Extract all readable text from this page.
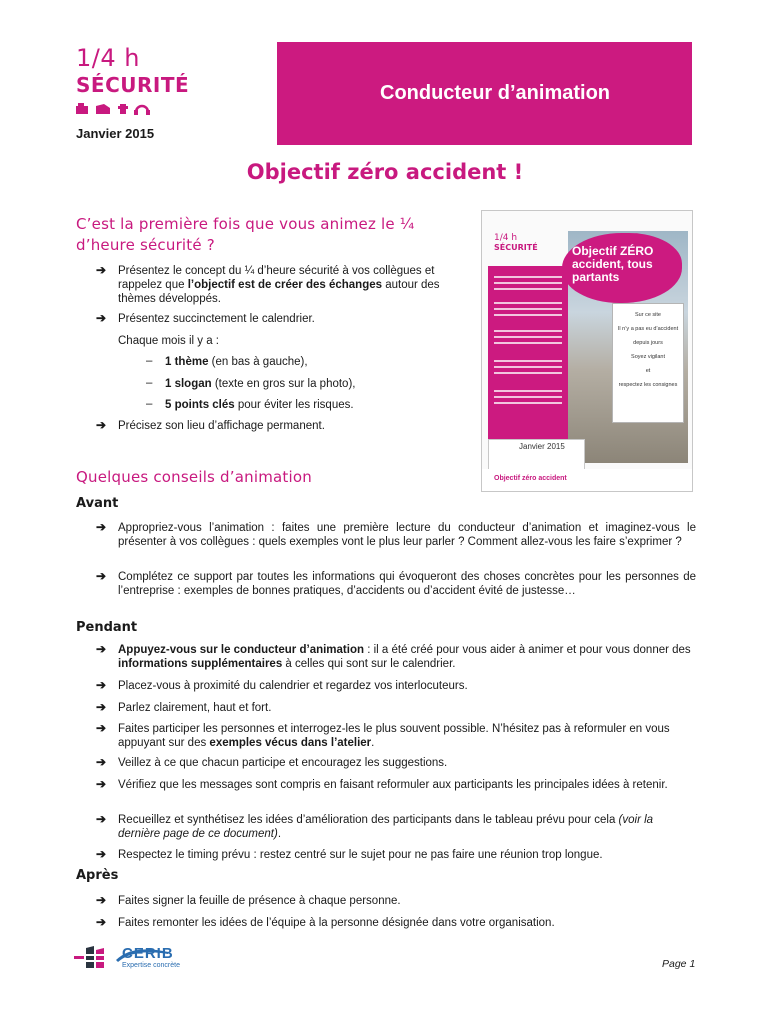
1/4 h
SÉCURITÉ
Janvier 2015
Conducteur d’animation
Objectif zéro accident !
C’est la première fois que vous animez le ¼ d’heure sécurité ?
➔ Présentez le concept du ¼ d’heure sécurité à vos collègues et rappelez que l’objectif est de créer des échanges autour des thèmes développés.
➔ Présentez succinctement le calendrier.
Chaque mois il y a :
– 1 thème (en bas à gauche),
– 1 slogan (texte en gros sur la photo),
– 5 points clés pour éviter les risques.
➔ Précisez son lieu d’affichage permanent.
1/4 h
SÉCURITÉ	Objectif ZÉRO accident, tous partants
Sur ce site
Il n’y a pas eu d’accident
depuis jours
Soyez vigilant
et
respectez les consignes
Janvier 2015
Objectif zéro accident
Quelques conseils d’animation
Avant
➔ Appropriez-vous l’animation : faites une première lecture du conducteur d’animation et imaginez-vous le présenter à vos collègues : quels exemples vont le plus leur parler ? Comment allez-vous les faire s’exprimer ?
➔ Complétez ce support par toutes les informations qui évoqueront des choses concrètes pour les personnes de l’entreprise : exemples de bonnes pratiques, d’accidents ou d’accident évité de justesse…
Pendant
➔ Appuyez-vous sur le conducteur d’animation : il a été créé pour vous aider à animer et pour vous donner des informations supplémentaires à celles qui sont sur le calendrier.
➔ Placez-vous à proximité du calendrier et regardez vos interlocuteurs.
➔ Parlez clairement, haut et fort.
➔ Faites participer les personnes et interrogez-les le plus souvent possible. N’hésitez pas à reformuler en vous appuyant sur des exemples vécus dans l’atelier.
➔ Veillez à ce que chacun participe et encouragez les suggestions.
➔ Vérifiez que les messages sont compris en faisant reformuler aux participants les principales idées à retenir.
➔ Recueillez et synthétisez les idées d’amélioration des participants dans le tableau prévu pour cela (voir la dernière page de ce document).
➔ Respectez le timing prévu : restez centré sur le sujet pour ne pas faire une réunion trop longue.
Après
➔ Faites signer la feuille de présence à chaque personne.
➔ Faites remonter les idées de l’équipe à la personne désignée dans votre organisation.
CERIB
Expertise concrète	Page 1
